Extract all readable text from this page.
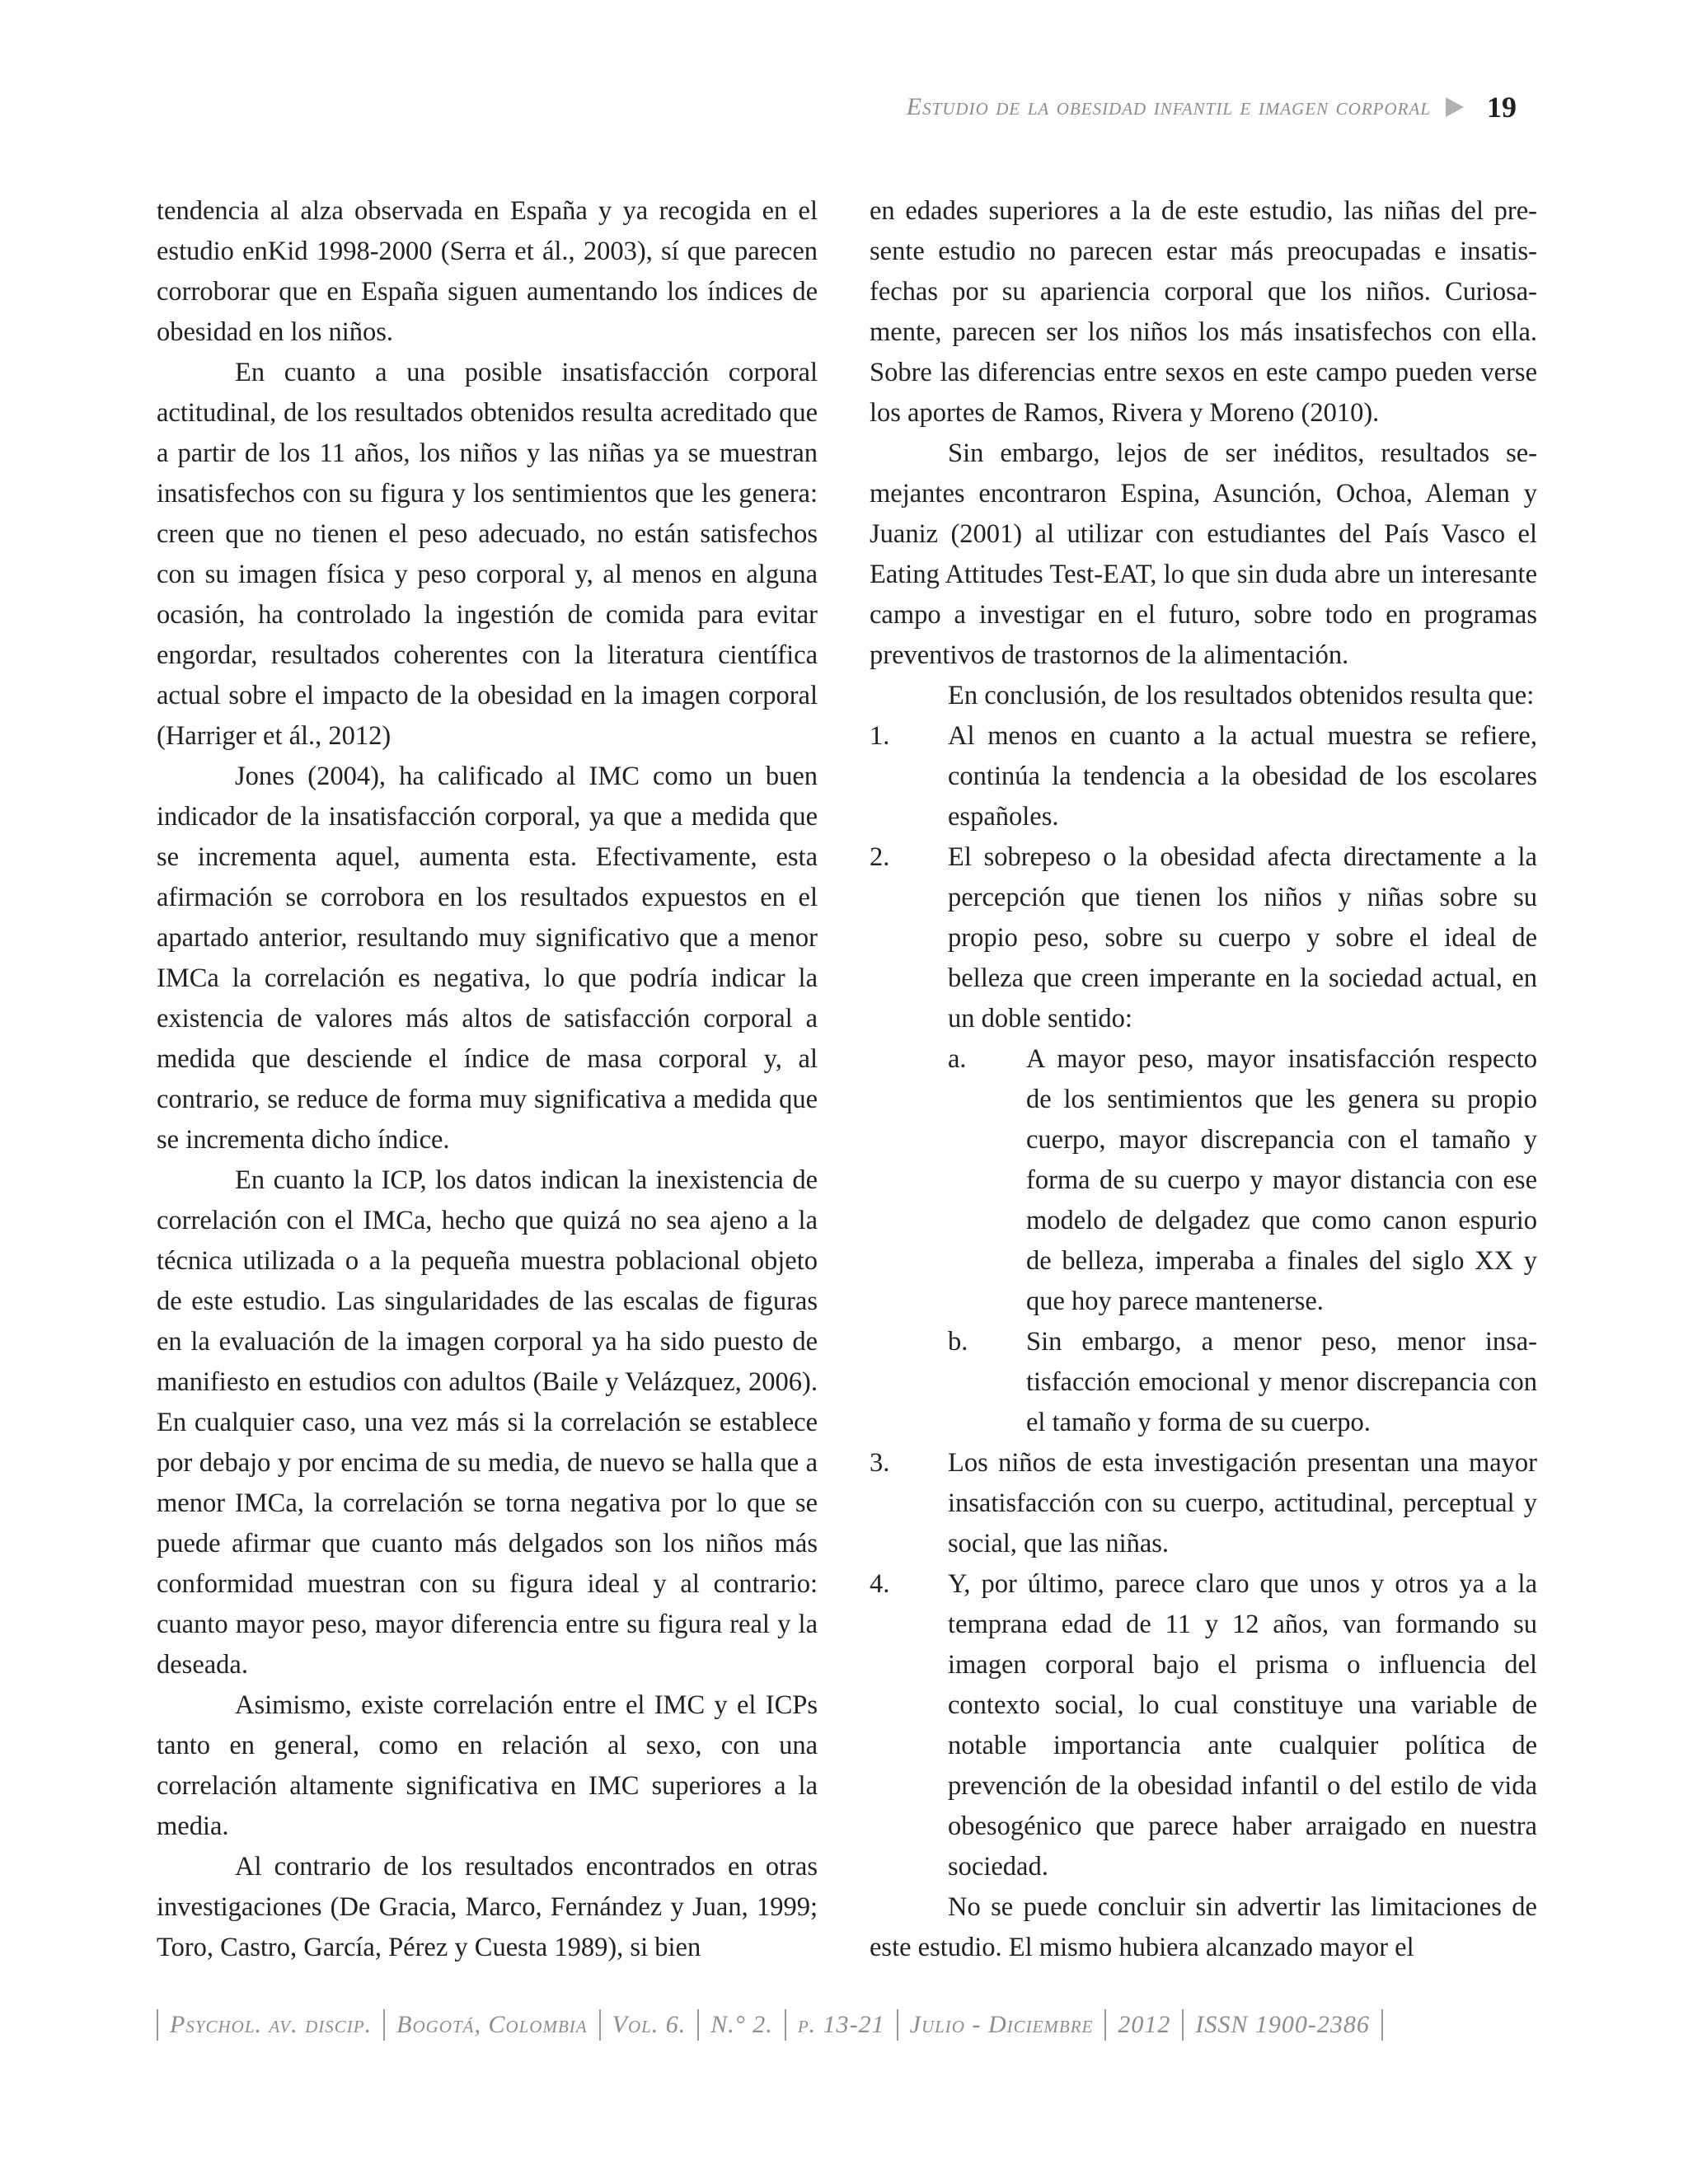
Estudio de la obesidad infantil e imagen corporal 19

tendencia al alza observada en España y ya recogida en el estudio enKid 1998-2000 (Serra et ál., 2003), sí que parecen corroborar que en España siguen aumentando los índices de obesidad en los niños.

En cuanto a una posible insatisfacción corporal actitudinal, de los resultados obtenidos resulta acreditado que a partir de los 11 años, los niños y las niñas ya se muestran insatisfechos con su figura y los sentimientos que les genera: creen que no tienen el peso adecuado, no están satisfechos con su imagen física y peso corporal y, al menos en alguna ocasión, ha controlado la ingestión de comida para evitar engordar, resultados coherentes con la literatura científica actual sobre el impacto de la obesidad en la imagen corporal (Harriger et ál., 2012)

Jones (2004), ha calificado al IMC como un buen indicador de la insatisfacción corporal, ya que a medida que se incrementa aquel, aumenta esta. Efectivamente, esta afirmación se corrobora en los resultados expuestos en el apartado anterior, resultando muy significativo que a menor IMCa la correlación es negativa, lo que podría indicar la existencia de valores más altos de satisfacción corporal a medida que desciende el índice de masa corporal y, al contrario, se reduce de forma muy significativa a medida que se incrementa dicho índice.

En cuanto la ICP, los datos indican la inexistencia de correlación con el IMCa, hecho que quizá no sea ajeno a la técnica utilizada o a la pequeña muestra poblacional objeto de este estudio. Las singularidades de las escalas de figuras en la evaluación de la imagen corporal ya ha sido puesto de manifiesto en estudios con adultos (Baile y Velázquez, 2006). En cualquier caso, una vez más si la correlación se establece por debajo y por encima de su media, de nuevo se halla que a menor IMCa, la correlación se torna negativa por lo que se puede afirmar que cuanto más delgados son los niños más conformidad muestran con su figura ideal y al contrario: cuanto mayor peso, mayor diferencia entre su figura real y la deseada.

Asimismo, existe correlación entre el IMC y el ICPs tanto en general, como en relación al sexo, con una correlación altamente significativa en IMC superiores a la media.

Al contrario de los resultados encontrados en otras investigaciones (De Gracia, Marco, Fernández y Juan, 1999; Toro, Castro, García, Pérez y Cuesta 1989), si bien

en edades superiores a la de este estudio, las niñas del presente estudio no parecen estar más preocupadas e insatisfechas por su apariencia corporal que los niños. Curiosamente, parecen ser los niños los más insatisfechos con ella. Sobre las diferencias entre sexos en este campo pueden verse los aportes de Ramos, Rivera y Moreno (2010).

Sin embargo, lejos de ser inéditos, resultados semejantes encontraron Espina, Asunción, Ochoa, Aleman y Juaniz (2001) al utilizar con estudiantes del País Vasco el Eating Attitudes Test-EAT, lo que sin duda abre un interesante campo a investigar en el futuro, sobre todo en programas preventivos de trastornos de la alimentación.

En conclusión, de los resultados obtenidos resulta que:

1.	Al menos en cuanto a la actual muestra se refiere, continúa la tendencia a la obesidad de los escolares españoles.
2.	El sobrepeso o la obesidad afecta directamente a la percepción que tienen los niños y niñas sobre su propio peso, sobre su cuerpo y sobre el ideal de belleza que creen imperante en la sociedad actual, en un doble sentido:
a.	A mayor peso, mayor insatisfacción respecto de los sentimientos que les genera su propio cuerpo, mayor discrepancia con el tamaño y forma de su cuerpo y mayor distancia con ese modelo de delgadez que como canon espurio de belleza, imperaba a finales del siglo XX y que hoy parece mantenerse.
b.	Sin embargo, a menor peso, menor insatisfacción emocional y menor discrepancia con el tamaño y forma de su cuerpo.
3.	Los niños de esta investigación presentan una mayor insatisfacción con su cuerpo, actitudinal, perceptual y social, que las niñas.
4.	Y, por último, parece claro que unos y otros ya a la temprana edad de 11 y 12 años, van formando su imagen corporal bajo el prisma o influencia del contexto social, lo cual constituye una variable de notable importancia ante cualquier política de prevención de la obesidad infantil o del estilo de vida obesogénico que parece haber arraigado en nuestra sociedad.

No se puede concluir sin advertir las limitaciones de este estudio. El mismo hubiera alcanzado mayor el

Psychol. av. discip. Bogotá, Colombia Vol. 6. N.° 2. p. 13-21 Julio - Diciembre 2012 ISSN 1900-2386
